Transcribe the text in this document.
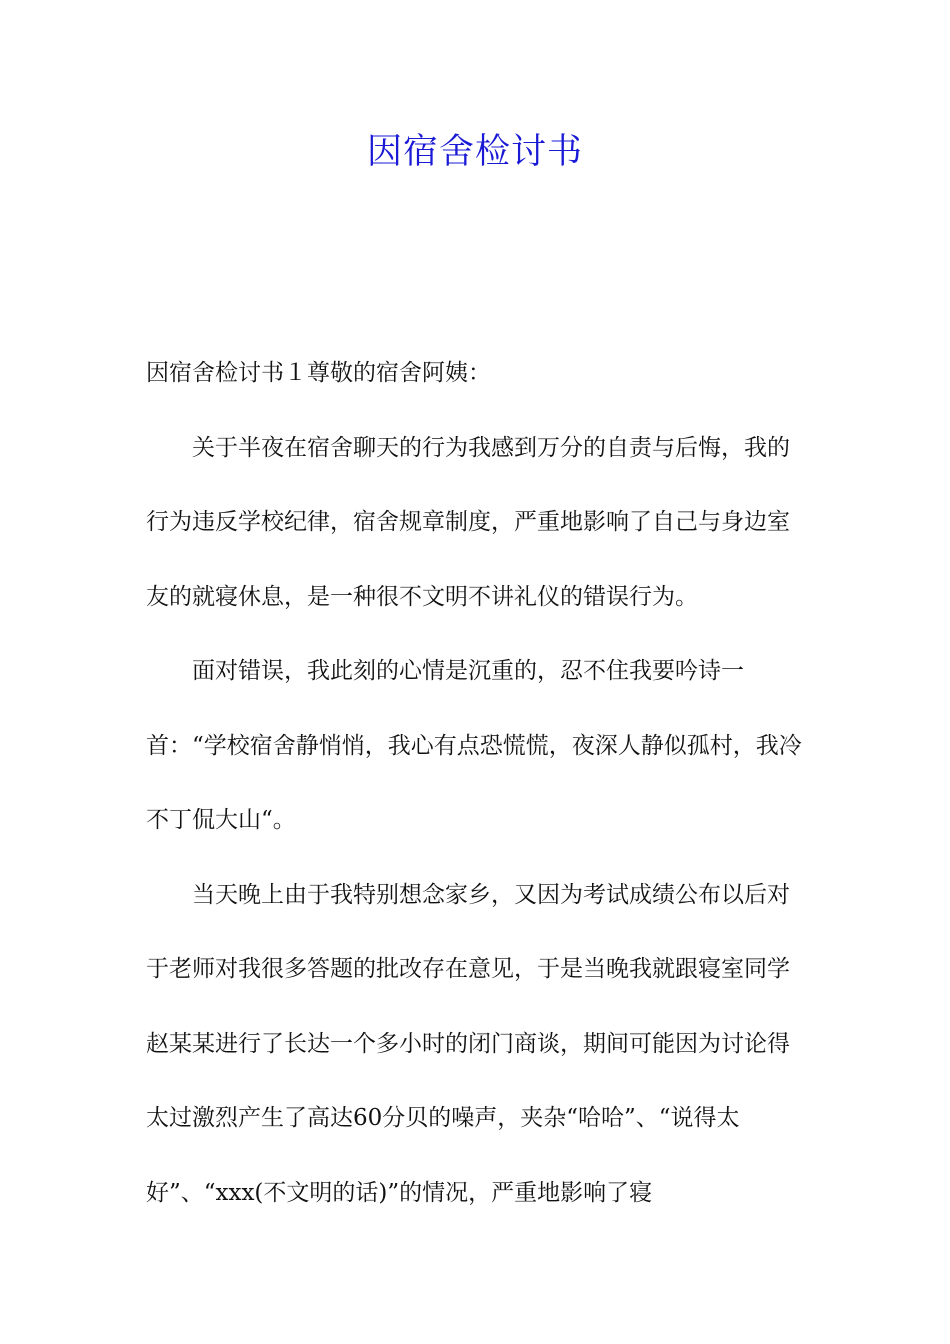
因宿舍检讨书

因宿舍检讨书１尊敬的宿舍阿姨：

关于半夜在宿舍聊天的行为我感到万分的自责与后悔，我的行为违反学校纪律，宿舍规章制度，严重地影响了自己与身边室友的就寝休息，是一种很不文明不讲礼仪的错误行为。

面对错误，我此刻的心情是沉重的，忍不住我要吟诗一首：“学校宿舍静悄悄，我心有点恐慌慌，夜深人静似孤村，我冷不丁侃大山“。

当天晚上由于我特别想念家乡，又因为考试成绩公布以后对于老师对我很多答题的批改存在意见，于是当晚我就跟寝室同学赵某某进行了长达一个多小时的闭门商谈，期间可能因为讨论得太过激烈产生了高达60分贝的噪声，夹杂“哈哈”、“说得太好”、“xxx(不文明的话)”的情况，严重地影响了寝
